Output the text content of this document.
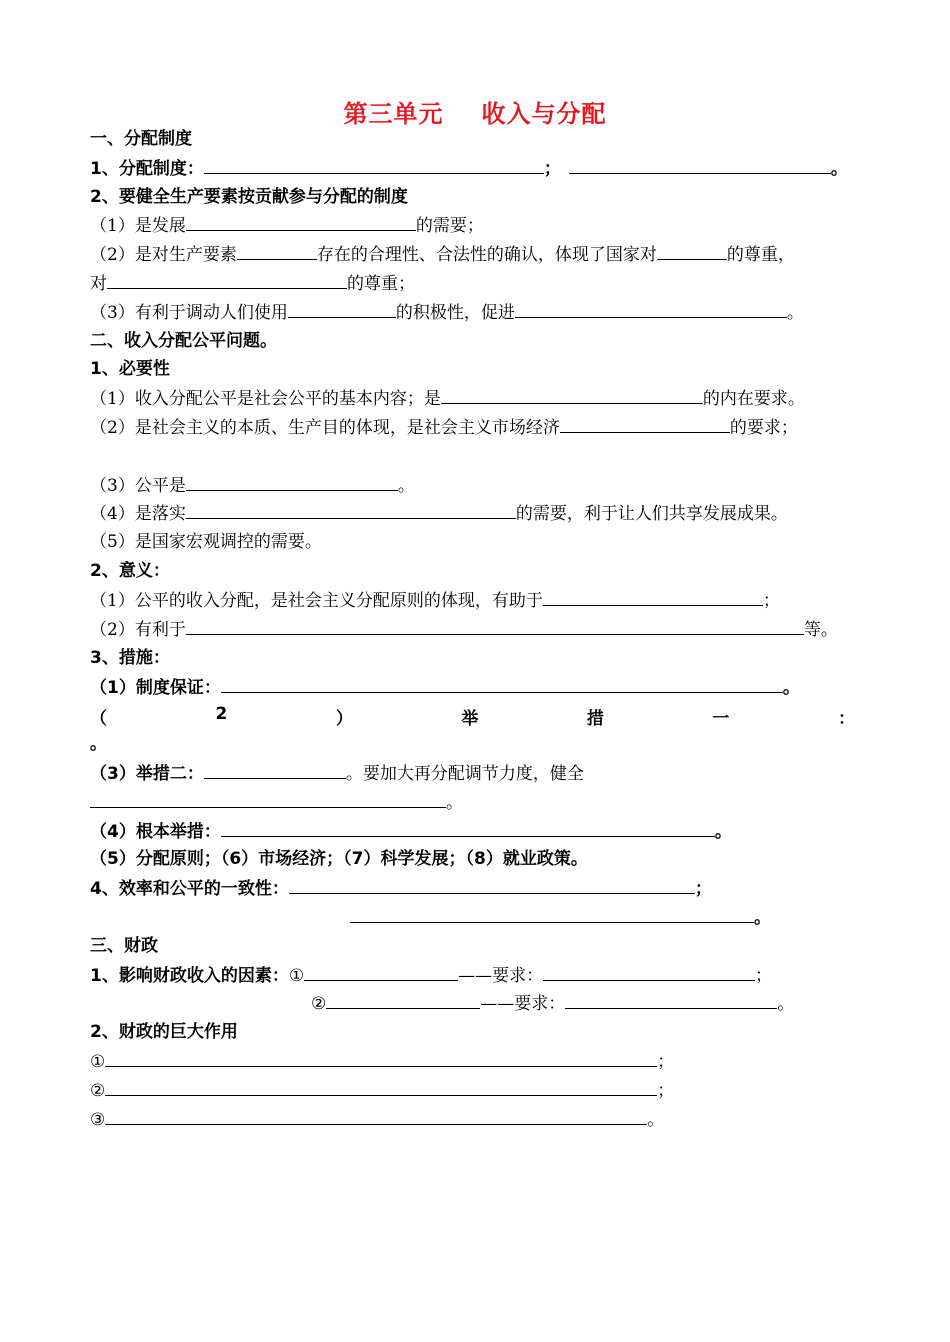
第三单元 收入与分配
一、分配制度
1、分配制度：	；	。
2、要健全生产要素按贡献参与分配的制度
（1）是发展	的需要；
（2）是对生产要素	存在的合理性、合法性的确认，体现了国家对	的尊重，
对	的尊重；
（3）有利于调动人们使用	的积极性，促进	。
二、收入分配公平问题。
1、必要性
（1）收入分配公平是社会公平的基本内容；是	的内在要求。
（2）是社会主义的本质、生产目的体现，是社会主义市场经济	的要求；
（3）公平是	。
（4）是落实	的需要，利于让人们共享发展成果。
（5）是国家宏观调控的需要。
2、意义：
（1）公平的收入分配，是社会主义分配原则的体现，有助于	；
（2）有利于	等。
3、措施：
（1）制度保证：	。
（	2	）	举	措	一	：
。
（3）举措二：	。要加大再分配调节力度，健全
。
（4）根本举措：	。
（5）分配原则；（6）市场经济；（7）科学发展；（8）就业政策。
4、效率和公平的一致性：	；
。
三、财政
1、影响财政收入的因素：①	——要求：	；
②	——要求：	。
2、财政的巨大作用
①	；
②	；
③	。
